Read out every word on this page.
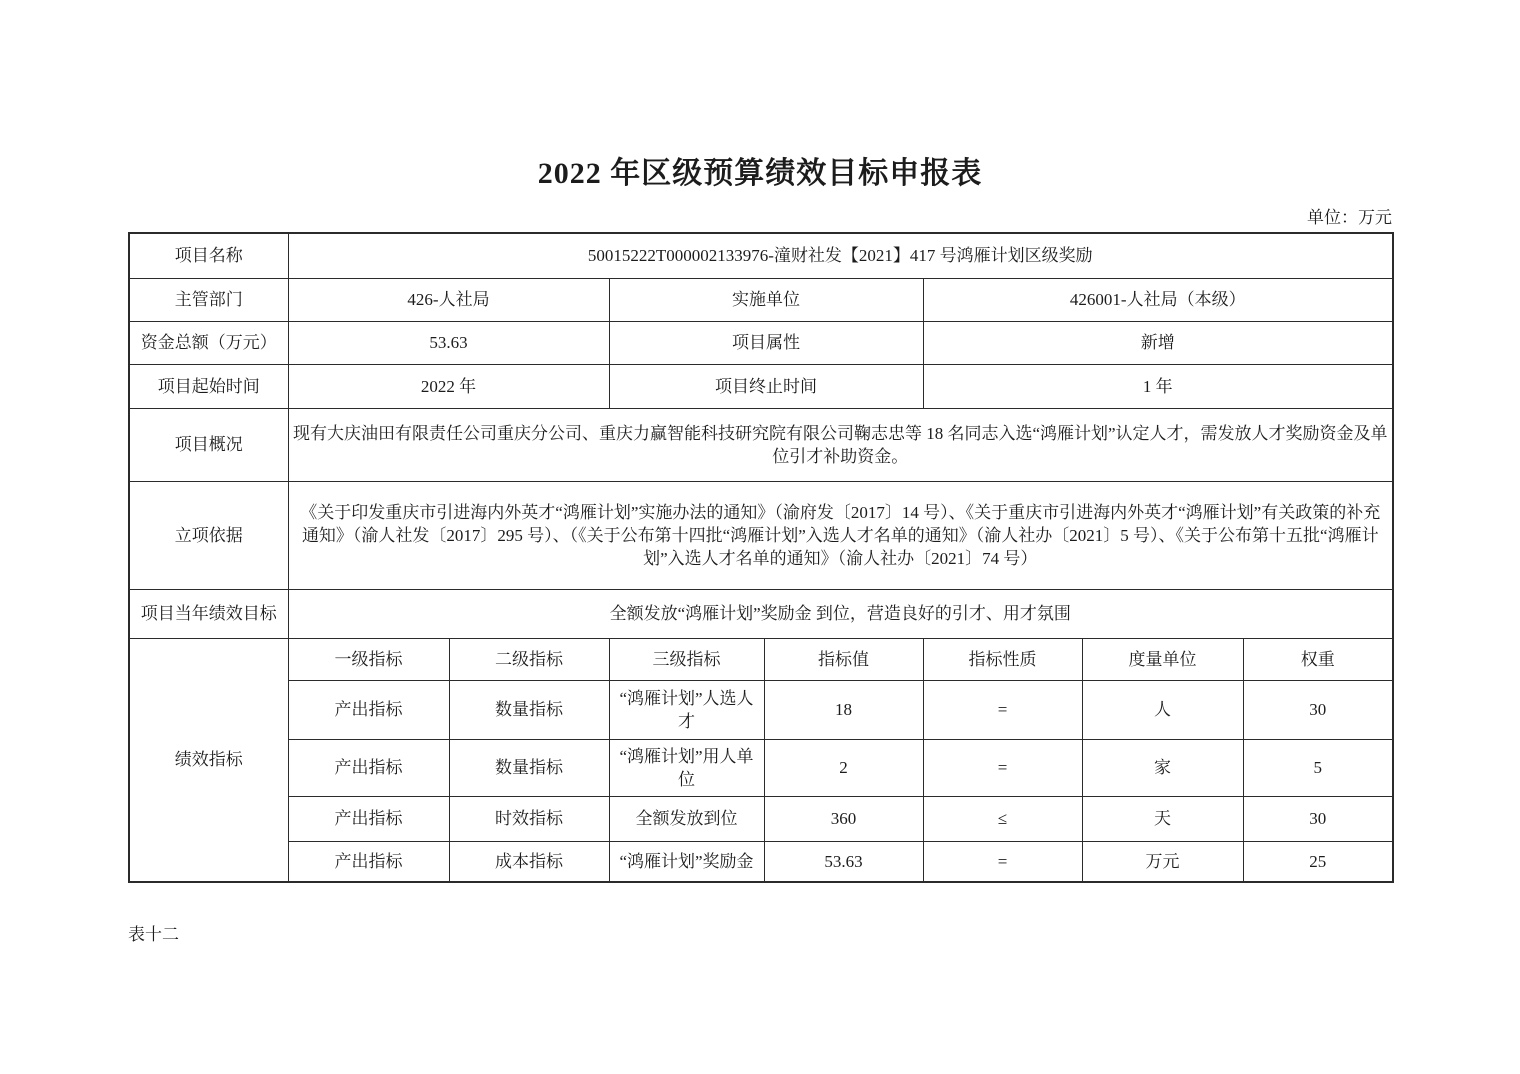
2022 年区级预算绩效目标申报表
单位：万元
项目名称	50015222T000002133976-潼财社发【2021】417 号鸿雁计划区级奖励						
主管部门	426-人社局		实施单位		426001-人社局（本级）		
资金总额（万元）	53.63		项目属性		新增		
项目起始时间	2022 年		项目终止时间		1 年		
项目概况	现有大庆油田有限责任公司重庆分公司、重庆力赢智能科技研究院有限公司鞠志忠等 18 名同志入选“鸿雁计划”认定人才，需发放人才奖励资金及单位引才补助资金。						
立项依据	《关于印发重庆市引进海内外英才“鸿雁计划”实施办法的通知》（渝府发〔2017〕14 号）、《关于重庆市引进海内外英才“鸿雁计划”有关政策的补充通知》（渝人社发〔2017〕295 号）、（《关于公布第十四批“鸿雁计划”入选人才名单的通知》（渝人社办〔2021〕5 号）、《关于公布第十五批“鸿雁计划”入选人才名单的通知》（渝人社办〔2021〕74 号）						
项目当年绩效目标	全额发放“鸿雁计划”奖励金 到位，营造良好的引才、用才氛围						
绩效指标	一级指标	二级指标	三级指标	指标值	指标性质	度量单位	权重
	产出指标	数量指标	“鸿雁计划”人选人才	18	=	人	30
	产出指标	数量指标	“鸿雁计划”用人单位	2	=	家	5
	产出指标	时效指标	全额发放到位	360	≤	天	30
	产出指标	成本指标	“鸿雁计划”奖励金	53.63	=	万元	25
表十二
